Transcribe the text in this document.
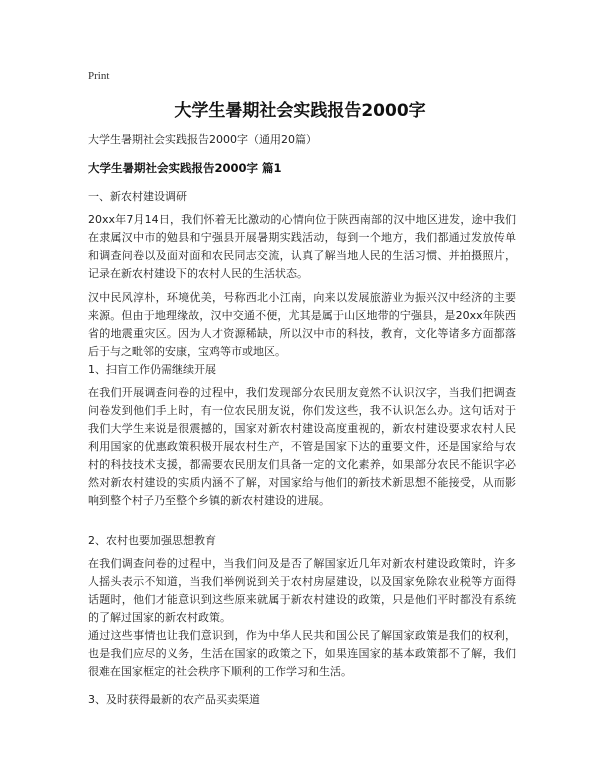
Print
大学生暑期社会实践报告2000字
大学生暑期社会实践报告2000字（通用20篇）
大学生暑期社会实践报告2000字 篇1
一、新农村建设调研
20xx年7月14日，我们怀着无比激动的心情向位于陕西南部的汉中地区进发，途中我们在隶属汉中市的勉县和宁强县开展暑期实践活动，每到一个地方，我们都通过发放传单和调查问卷以及面对面和农民同志交流，认真了解当地人民的生活习惯、并拍摄照片，记录在新农村建设下的农村人民的生活状态。
汉中民风淳朴，环境优美，号称西北小江南，向来以发展旅游业为振兴汉中经济的主要来源。但由于地理缘故，汉中交通不便，尤其是属于山区地带的宁强县，是20xx年陕西省的地震重灾区。因为人才资源稀缺，所以汉中市的科技，教育，文化等诸多方面都落后于与之毗邻的安康，宝鸡等市或地区。
1、扫盲工作仍需继续开展
在我们开展调查问卷的过程中，我们发现部分农民朋友竟然不认识汉字，当我们把调查问卷发到他们手上时，有一位农民朋友说，你们发这些，我不认识怎么办。这句话对于我们大学生来说是很震撼的，国家对新农村建设高度重视的，新农村建设要求农村人民利用国家的优惠政策积极开展农村生产，不管是国家下达的重要文件，还是国家给与农村的科技技术支援，都需要农民朋友们具备一定的文化素养，如果部分农民不能识字必然对新农村建设的实质内涵不了解，对国家给与他们的新技术新思想不能接受，从而影响到整个村子乃至整个乡镇的新农村建设的进展。
2、农村也要加强思想教育
在我们调查问卷的过程中，当我们问及是否了解国家近几年对新农村建设政策时，许多人摇头表示不知道，当我们举例说到关于农村房屋建设，以及国家免除农业税等方面得话题时，他们才能意识到这些原来就属于新农村建设的政策，只是他们平时都没有系统的了解过国家的新农村政策。
通过这些事情也让我们意识到，作为中华人民共和国公民了解国家政策是我们的权利，也是我们应尽的义务，生活在国家的政策之下，如果连国家的基本政策都不了解，我们很难在国家框定的社会秩序下顺利的工作学习和生活。
3、及时获得最新的农产品买卖渠道
